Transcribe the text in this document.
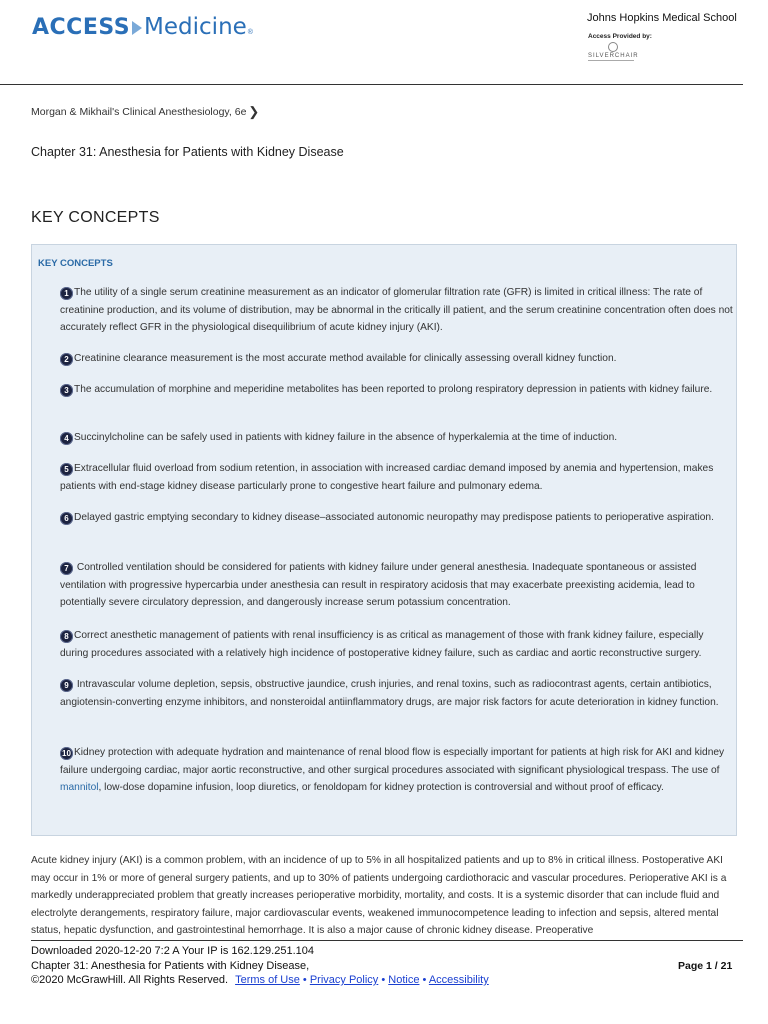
ACCESS Medicine ®
Johns Hopkins Medical School
Access Provided by:
SILVERCHAIR
Morgan & Mikhail's Clinical Anesthesiology, 6e ❯
Chapter 31: Anesthesia for Patients with Kidney Disease
KEY CONCEPTS
KEY CONCEPTS
1 The utility of a single serum creatinine measurement as an indicator of glomerular filtration rate (GFR) is limited in critical illness: The rate of creatinine production, and its volume of distribution, may be abnormal in the critically ill patient, and the serum creatinine concentration often does not accurately reflect GFR in the physiological disequilibrium of acute kidney injury (AKI).
2 Creatinine clearance measurement is the most accurate method available for clinically assessing overall kidney function.
3 The accumulation of morphine and meperidine metabolites has been reported to prolong respiratory depression in patients with kidney failure.
4 Succinylcholine can be safely used in patients with kidney failure in the absence of hyperkalemia at the time of induction.
5 Extracellular fluid overload from sodium retention, in association with increased cardiac demand imposed by anemia and hypertension, makes patients with end-stage kidney disease particularly prone to congestive heart failure and pulmonary edema.
6 Delayed gastric emptying secondary to kidney disease–associated autonomic neuropathy may predispose patients to perioperative aspiration.
7 Controlled ventilation should be considered for patients with kidney failure under general anesthesia. Inadequate spontaneous or assisted ventilation with progressive hypercarbia under anesthesia can result in respiratory acidosis that may exacerbate preexisting acidemia, lead to potentially severe circulatory depression, and dangerously increase serum potassium concentration.
8 Correct anesthetic management of patients with renal insufficiency is as critical as management of those with frank kidney failure, especially during procedures associated with a relatively high incidence of postoperative kidney failure, such as cardiac and aortic reconstructive surgery.
9 Intravascular volume depletion, sepsis, obstructive jaundice, crush injuries, and renal toxins, such as radiocontrast agents, certain antibiotics, angiotensin-converting enzyme inhibitors, and nonsteroidal antiinflammatory drugs, are major risk factors for acute deterioration in kidney function.
10 Kidney protection with adequate hydration and maintenance of renal blood flow is especially important for patients at high risk for AKI and kidney failure undergoing cardiac, major aortic reconstructive, and other surgical procedures associated with significant physiological trespass. The use of mannitol, low-dose dopamine infusion, loop diuretics, or fenoldopam for kidney protection is controversial and without proof of efficacy.
Acute kidney injury (AKI) is a common problem, with an incidence of up to 5% in all hospitalized patients and up to 8% in critical illness. Postoperative AKI may occur in 1% or more of general surgery patients, and up to 30% of patients undergoing cardiothoracic and vascular procedures. Perioperative AKI is a markedly underappreciated problem that greatly increases perioperative morbidity, mortality, and costs. It is a systemic disorder that can include fluid and electrolyte derangements, respiratory failure, major cardiovascular events, weakened immunocompetence leading to infection and sepsis, altered mental status, hepatic dysfunction, and gastrointestinal hemorrhage. It is also a major cause of chronic kidney disease. Preoperative
Downloaded 2020-12-20 7:2 A Your IP is 162.129.251.104
Chapter 31: Anesthesia for Patients with Kidney Disease,
©2020 McGrawHill. All Rights Reserved. Terms of Use • Privacy Policy • Notice • Accessibility
Page 1 / 21
